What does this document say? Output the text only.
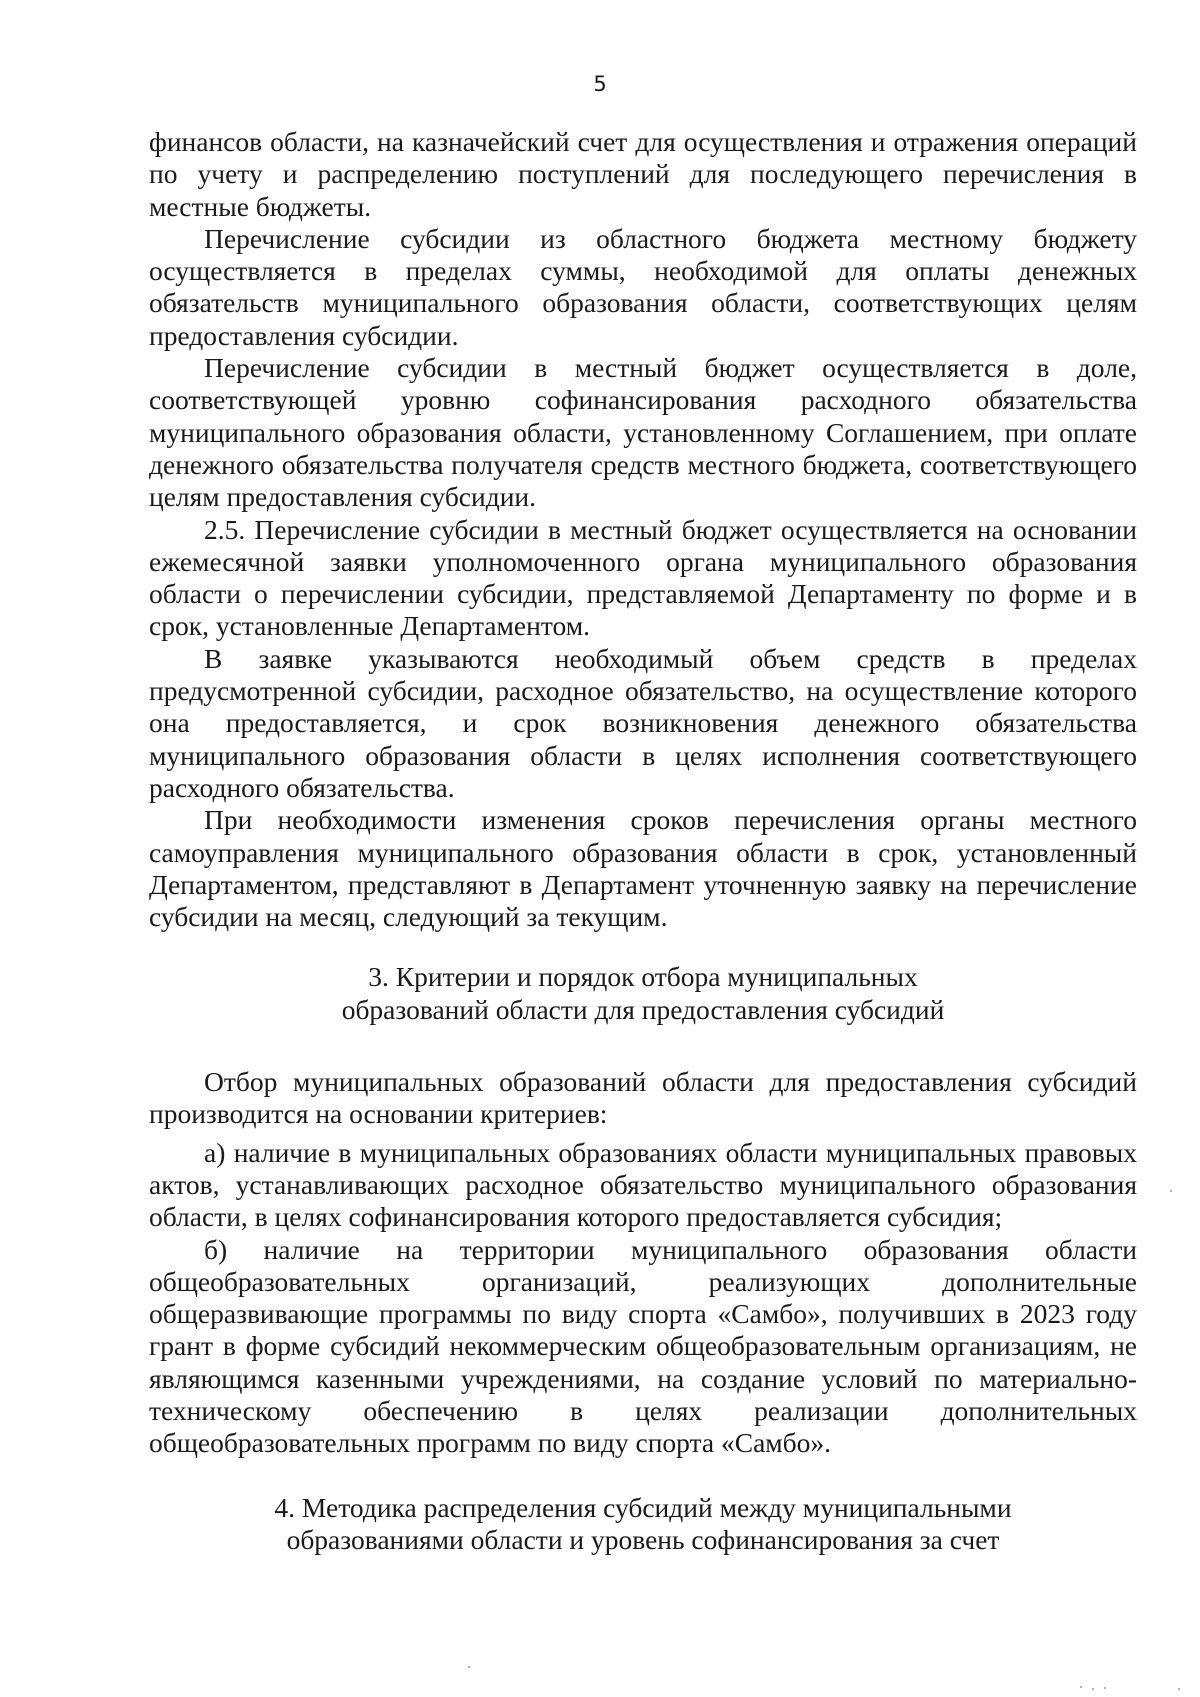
5

финансов области, на казначейский счет для осуществления и отражения операций по учету и распределению поступлений для последующего перечисления в местные бюджеты.

Перечисление субсидии из областного бюджета местному бюджету осуществляется в пределах суммы, необходимой для оплаты денежных обязательств муниципального образования области, соответствующих целям предоставления субсидии.

Перечисление субсидии в местный бюджет осуществляется в доле, соответствующей уровню софинансирования расходного обязательства муниципального образования области, установленному Соглашением, при оплате денежного обязательства получателя средств местного бюджета, соответствующего целям предоставления субсидии.

2.5. Перечисление субсидии в местный бюджет осуществляется на основании ежемесячной заявки уполномоченного органа муниципального образования области о перечислении субсидии, представляемой Департаменту по форме и в срок, установленные Департаментом.

В заявке указываются необходимый объем средств в пределах предусмотренной субсидии, расходное обязательство, на осуществление которого она предоставляется, и срок возникновения денежного обязательства муниципального образования области в целях исполнения соответствующего расходного обязательства.

При необходимости изменения сроков перечисления органы местного самоуправления муниципального образования области в срок, установленный Департаментом, представляют в Департамент уточненную заявку на перечисление субсидии на месяц, следующий за текущим.

3. Критерии и порядок отбора муниципальных

образований области для предоставления субсидий

Отбор муниципальных образований области для предоставления субсидий производится на основании критериев:

а) наличие в муниципальных образованиях области муниципальных правовых актов, устанавливающих расходное обязательство муниципального образования области, в целях софинансирования которого предоставляется субсидия;

б) наличие на территории муниципального образования области общеобразовательных организаций, реализующих дополнительные общеразвивающие программы по виду спорта «Самбо», получивших в 2023 году грант в форме субсидий некоммерческим общеобразовательным организациям, не являющимся казенными учреждениями, на создание условий по материально-техническому обеспечению в целях реализации дополнительных общеобразовательных программ по виду спорта «Самбо».

4. Методика распределения субсидий между муниципальными

образованиями области и уровень софинансирования за счет
